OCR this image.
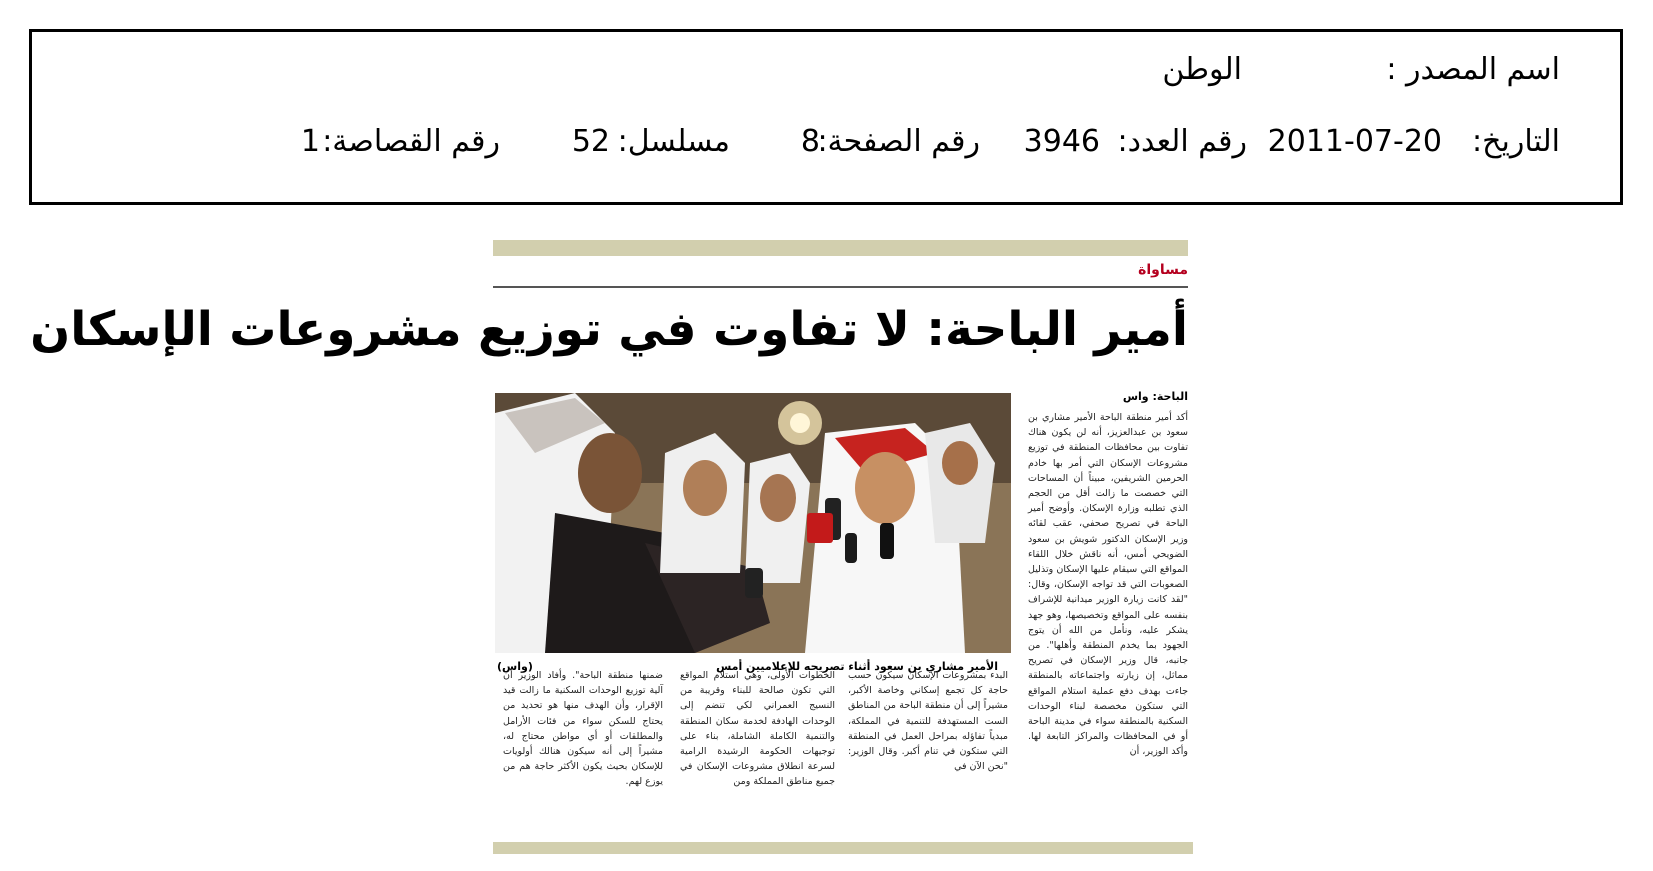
اسم المصدر :
الوطن
التاريخ:
2011-07-20
رقم العدد:
3946
رقم الصفحة:
8
مسلسل:
52
رقم القصاصة:
1
مساواة
أمير الباحة: لا تفاوت في توزيع مشروعات الإسكان
الباحة: واس
الأمير مشاري بن سعود أثناء تصريحه للإعلاميين أمس
(واس)

أكد أمير منطقة الباحة الأمير مشاري بن سعود بن عبدالعزيز، أنه لن يكون هناك تفاوت بين محافظات المنطقة في توزيع مشروعات الإسكان التي أمر بها خادم الحرمين الشريفين، مبيناً أن المساحات التي خصصت ما زالت أقل من الحجم الذي تطلبه وزارة الإسكان. وأوضح أمير الباحة في تصريح صحفي، عقب لقائه وزير الإسكان الدكتور شويش بن سعود الضويحي أمس، أنه ناقش خلال اللقاء المواقع التي سيقام عليها الإسكان وتذليل الصعوبات التي قد تواجه الإسكان، وقال: "لقد كانت زيارة الوزير ميدانية للإشراف بنفسه على المواقع وتخصيصها، وهو جهد يشكر عليه، ونأمل من الله أن يتوج الجهود بما يخدم المنطقة وأهلها". من جانبه، قال وزير الإسكان في تصريح مماثل، إن زيارته واجتماعاته بالمنطقة جاءت بهدف دفع عملية استلام المواقع التي ستكون مخصصة لبناء الوحدات السكنية بالمنطقة سواء في مدينة الباحة أو في المحافظات والمراكز التابعة لها. وأكد الوزير، أن

البدء بمشروعات الإسكان سيكون حسب حاجة كل تجمع إسكاني وخاصة الأكبر، مشيراً إلى أن منطقة الباحة من المناطق الست المستهدفة للتنمية في المملكة، مبدياً تفاؤله بمراحل العمل في المنطقة التي ستكون في تنام أكبر. وقال الوزير: "نحن الآن في

الخطوات الأولى، وهي استلام المواقع التي تكون صالحة للبناء وقريبة من النسيج العمراني لكي تنضم إلى الوحدات الهادفة لخدمة سكان المنطقة والتنمية الكاملة الشاملة، بناء على توجيهات الحكومة الرشيدة الرامية لسرعة انطلاق مشروعات الإسكان في جميع مناطق المملكة ومن

ضمنها منطقة الباحة". وأفاد الوزير أن آلية توزيع الوحدات السكنية ما زالت قيد الإقرار، وأن الهدف منها هو تحديد من يحتاج للسكن سواء من فئات الأرامل والمطلقات أو أي مواطن محتاج له، مشيراً إلى أنه سيكون هنالك أولويات للإسكان بحيث يكون الأكثر حاجة هم من يوزع لهم.
